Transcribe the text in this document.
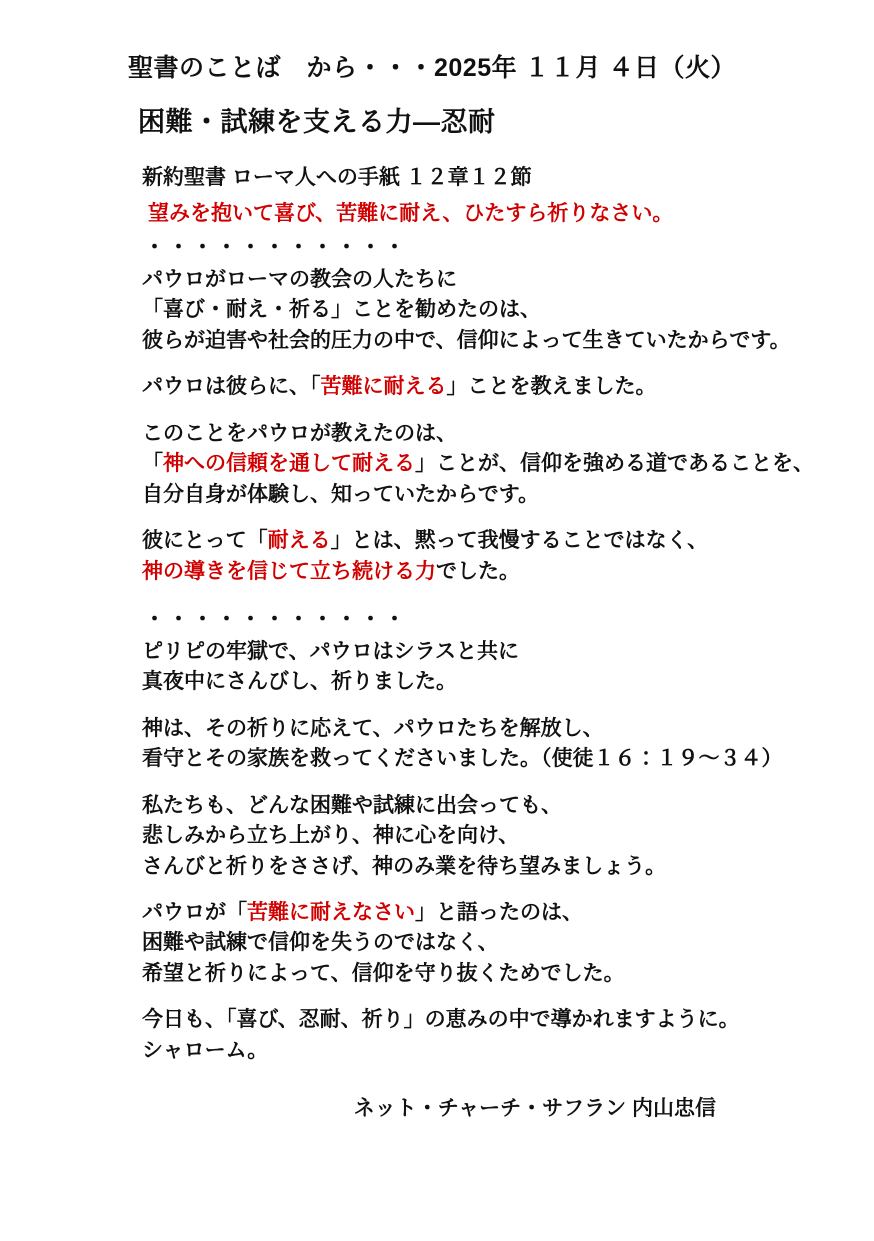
聖書のことば　から・・・2025年 １１月 ４日（火）
困難・試練を支える力—忍耐
新約聖書 ローマ人への手紙 １２章１２節
望みを抱いて喜び、苦難に耐え、ひたすら祈りなさい。
・・・・・・・・・・・
パウロがローマの教会の人たちに
「喜び・耐え・祈る」ことを勧めたのは、
彼らが迫害や社会的圧力の中で、信仰によって生きていたからです。
パウロは彼らに、「苦難に耐える」ことを教えました。
このことをパウロが教えたのは、
「神への信頼を通して耐える」ことが、信仰を強める道であることを、
自分自身が体験し、知っていたからです。
彼にとって「耐える」とは、黙って我慢することではなく、
神の導きを信じて立ち続ける力でした。
・・・・・・・・・・・
ピリピの牢獄で、パウロはシラスと共に
真夜中にさんびし、祈りました。
神は、その祈りに応えて、パウロたちを解放し、
看守とその家族を救ってくださいました。（使徒１６：１９〜３４）
私たちも、どんな困難や試練に出会っても、
悲しみから立ち上がり、神に心を向け、
さんびと祈りをささげ、神のみ業を待ち望みましょう。
パウロが「苦難に耐えなさい」と語ったのは、
困難や試練で信仰を失うのではなく、
希望と祈りによって、信仰を守り抜くためでした。
今日も、「喜び、忍耐、祈り」の恵みの中で導かれますように。
シャローム。
ネット・チャーチ・サフラン 内山忠信
